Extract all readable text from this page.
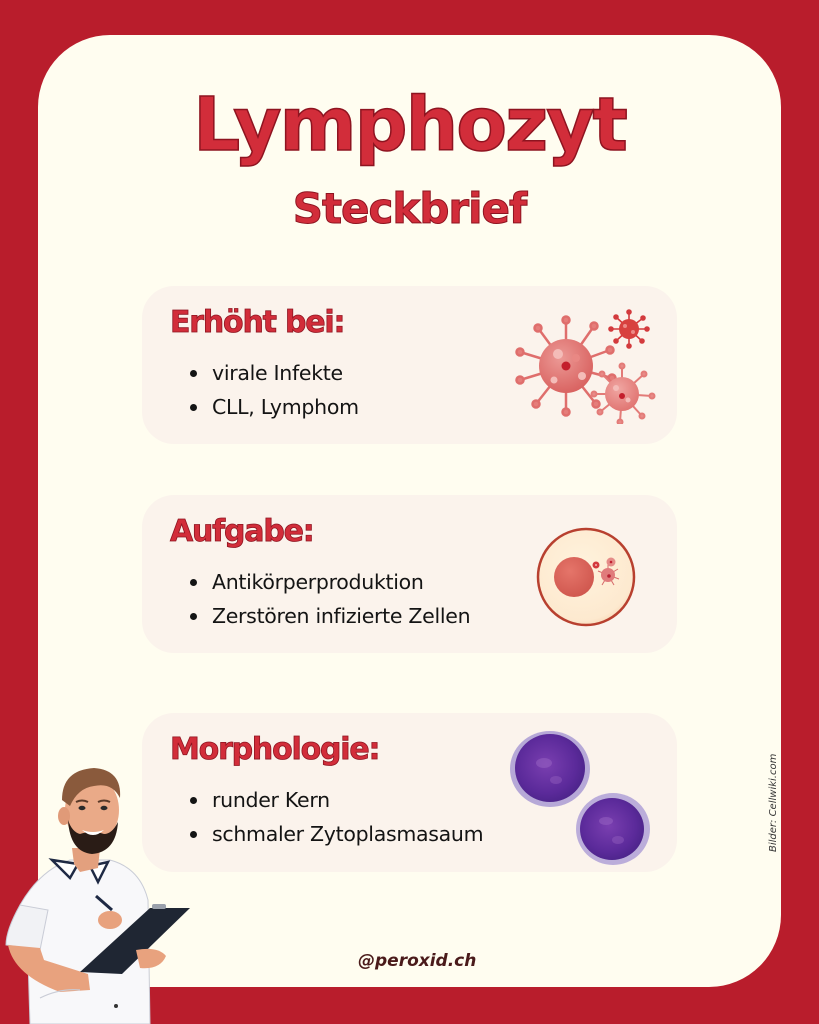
Lymphozyt
Steckbrief
Erhöht bei:
virale Infekte
CLL, Lymphom
Aufgabe:
Antikörperproduktion
Zerstören infizierte Zellen
Morphologie:
runder Kern
schmaler Zytoplasmasaum	Bilder: Cellwiki.com
@peroxid.ch
